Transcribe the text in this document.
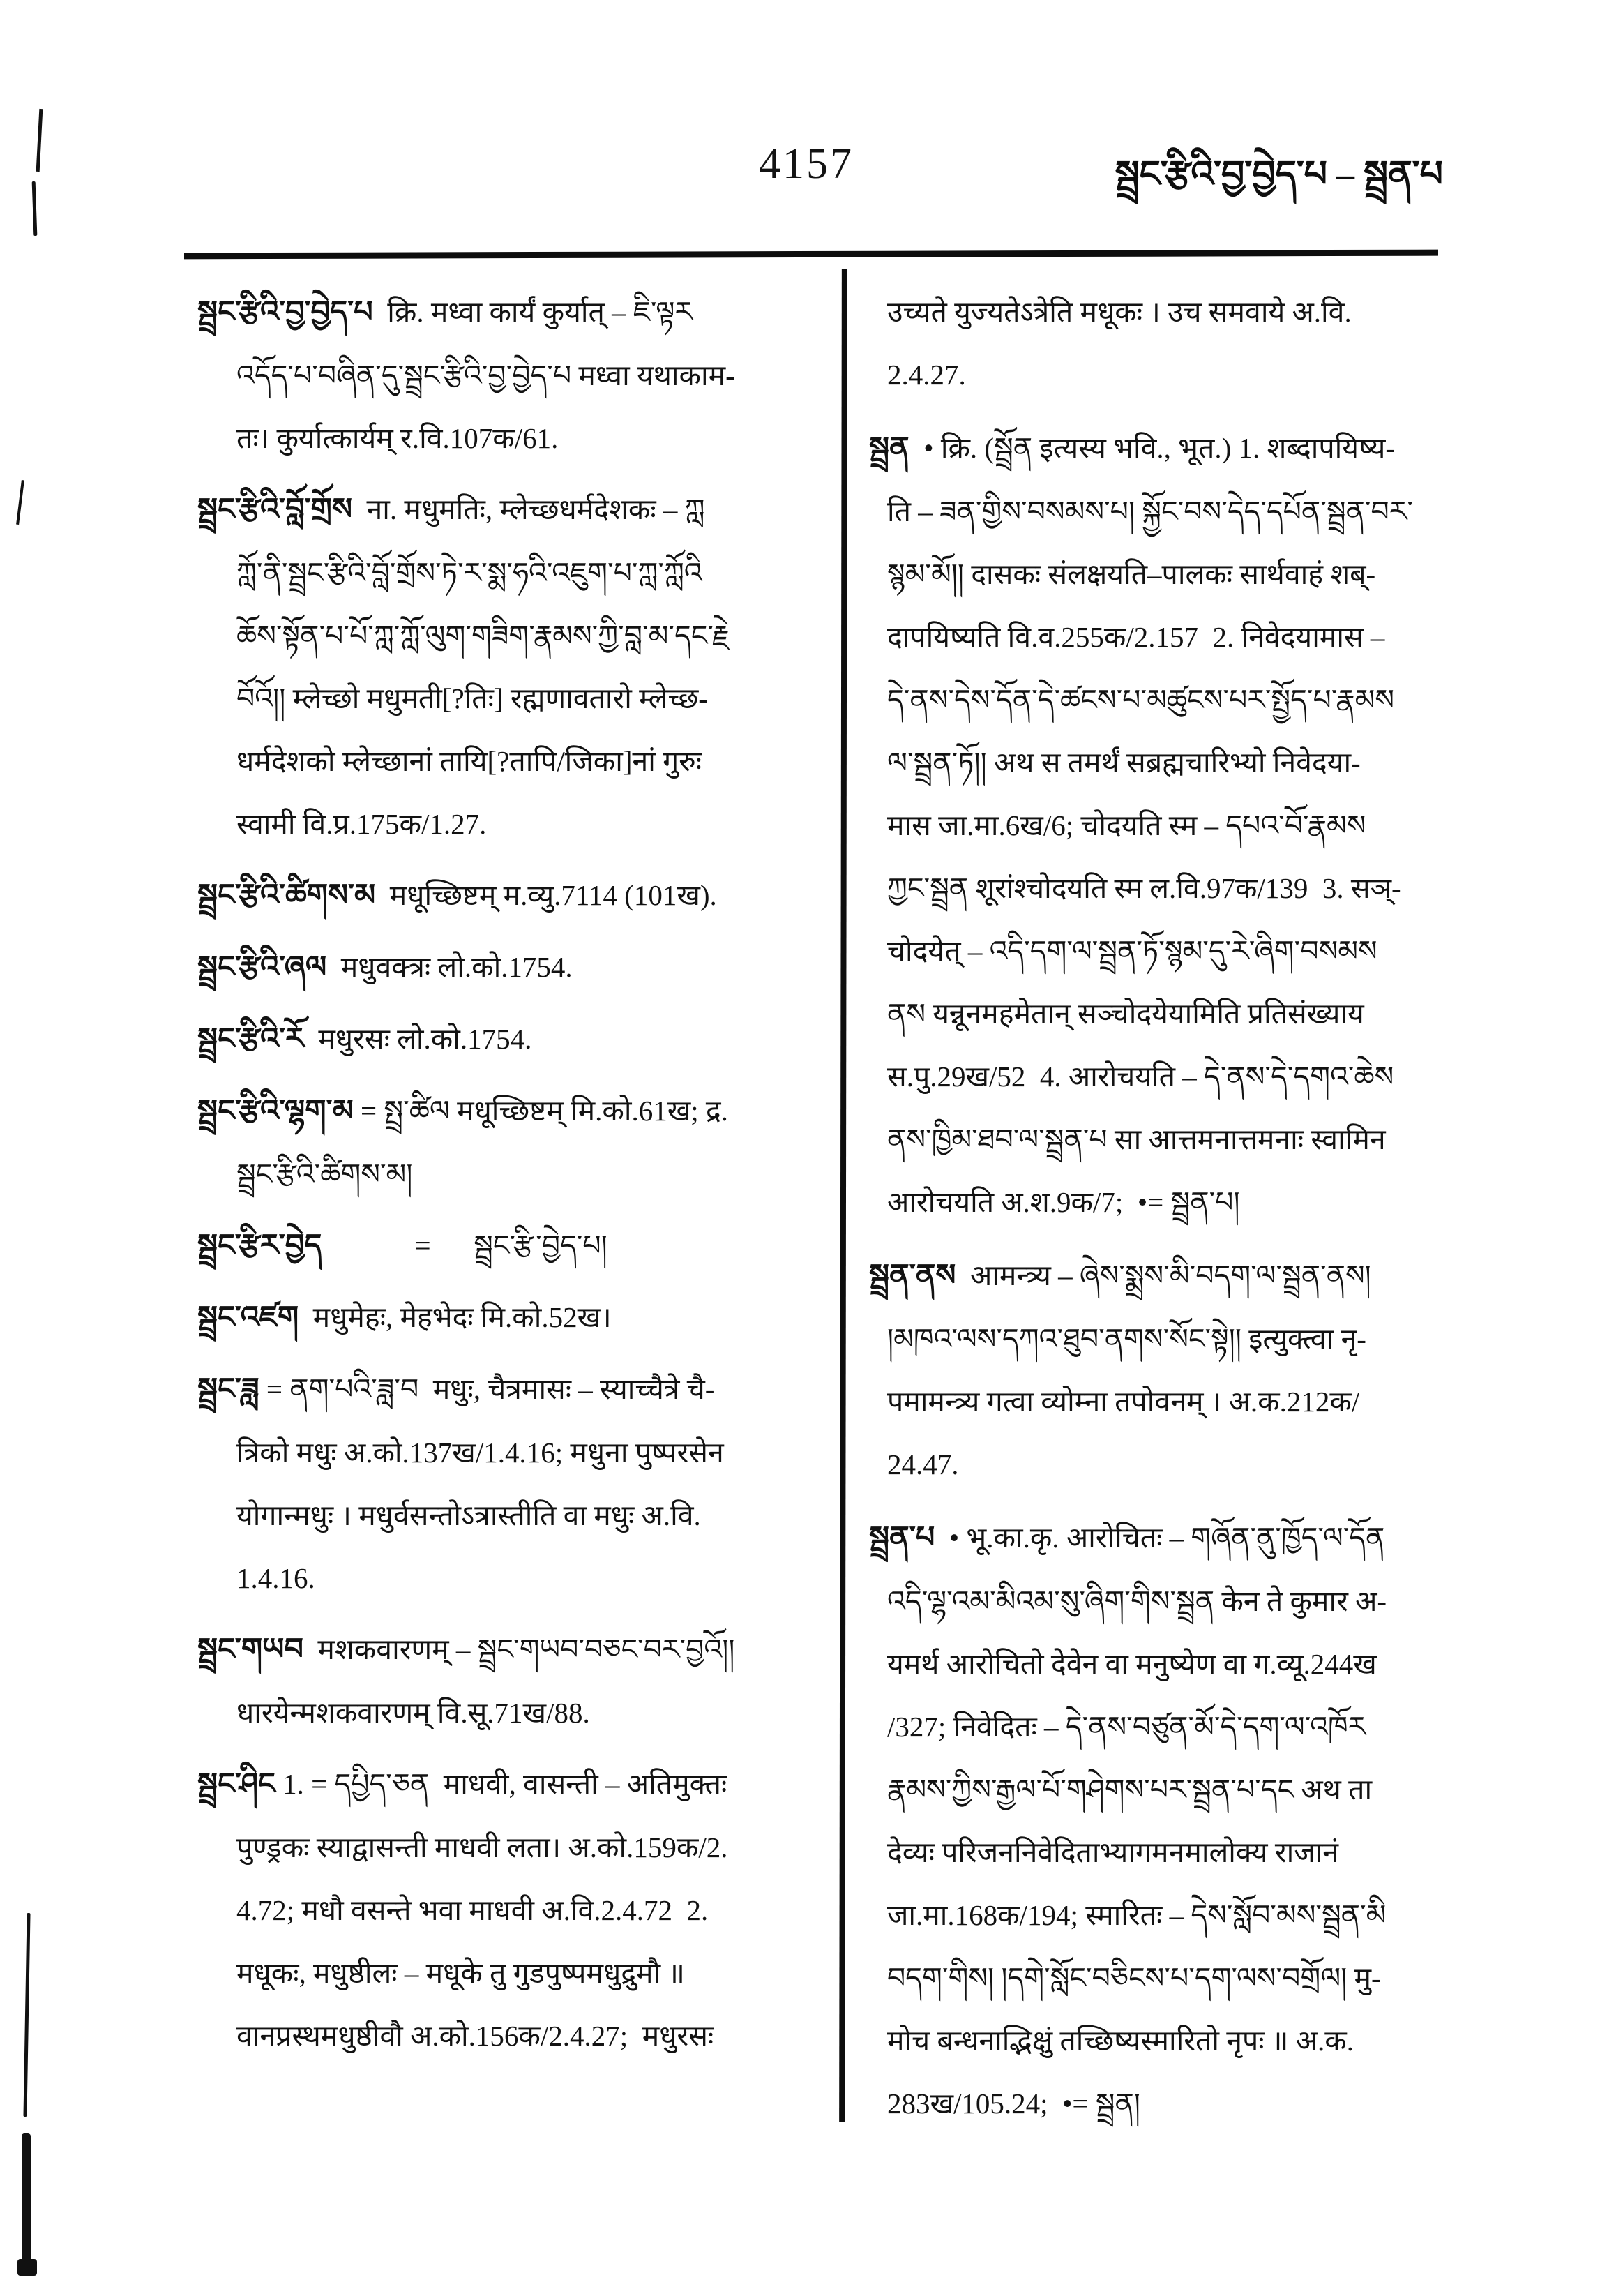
4157	སྦྲང་རྩིའི་བྱ་བྱེད་པ – སྦྲན་པ
སྦྲང་རྩིའི་བྱ་བྱེད་པ  क्रि. मध्वा कार्यं कुर्यात् – ཇི་ལྟར
འདོད་པ་བཞིན་དུ་སྦྲང་རྩིའི་བྱ་བྱེད་པ मध्वा यथाकाम-
तः। कुर्यात्कार्यम् र.वि.107क/61.
སྦྲང་རྩིའི་བློ་གྲོས  ना. मधुमतिः, म्लेच्छधर्मदेशकः – ཀླ
ཀློ་ནི་སྦྲང་རྩིའི་བློ་གྲོས་ཏེ་ར་སྨ་ཧའི་འཇུག་པ་ཀླ་ཀློའི
ཆོས་སྟོན་པ་པོ་ཀླ་ཀློ་ལུག་གཟིག་རྣམས་ཀྱི་བླ་མ་དང་རྗེ
བོའོ།། म्लेच्छो मधुमती[?तिः] रह्मणावतारो म्लेच्छ-
धर्मदेशको म्लेच्छानां तायि[?तापि/जिका]नां गुरुः
स्वामी वि.प्र.175क/1.27.
སྦྲང་རྩིའི་ཚིགས་མ  मधूच्छिष्टम् म.व्यु.7114 (101ख).
སྦྲང་རྩིའི་ཞལ  मधुवक्त्रः लो.को.1754.
སྦྲང་རྩིའི་རོ  मधुरसः लो.को.1754.
སྦྲང་རྩིའི་ལྷག་མ = སྤྲ་ཚིལ मधूच्छिष्टम् मि.को.61ख; द्र.
སྦྲང་རྩིའི་ཚིགས་མ།
སྦྲང་རྩིར་བྱེད             =      སྦྲང་རྩི་བྱེད་པ།
སྦྲང་འཛག  मधुमेहः, मेहभेदः मि.को.52ख।
སྦྲང་ཟླ = ནག་པའི་ཟླ་བ  मधुः, चैत्रमासः – स्याच्चैत्रे चै-
त्रिको मधुः अ.को.137ख/1.4.16; मधुना पुष्परसेन
योगान्मधुः । मधुर्वसन्तोऽत्रास्तीति वा मधुः अ.वि.
1.4.16.
སྦྲང་གཡབ  मशकवारणम् – སྦྲང་གཡབ་བཅང་བར་བྱའོ།།
धारयेन्मशकवारणम् वि.सू.71ख/88.
སྦྲང་ཤིང 1. = དཔྱིད་ཅན  माधवी, वासन्ती – अतिमुक्तः
पुण्ड्रकः स्याद्वासन्ती माधवी लता। अ.को.159क/2.
4.72; मधौ वसन्ते भवा माधवी अ.वि.2.4.72  2.
मधूकः, मधुष्ठीलः – मधूके तु गुडपुष्पमधुद्रुमौ ॥
वानप्रस्थमधुष्ठीवौ अ.को.156क/2.4.27;  मधुरसः
उच्यते युज्यतेऽत्रेति मधूकः । उच समवाये अ.वि.
2.4.27.
སྦྲན  • क्रि. (སྦྲོན इत्यस्य भवि., भूत.) 1. शब्दापयिष्य-
ति – ཟན་གྱིས་བསམས་པ། སྐྱོང་བས་དེད་དཔོན་སྦྲན་བར་
སྙམ་མོ།། दासकः संलक्षयति–पालकः सार्थवाहं शब्-
दापयिष्यति वि.व.255क/2.157  2. निवेदयामास –
དེ་ནས་དེས་དོན་དེ་ཚངས་པ་མཚུངས་པར་སྤྱོད་པ་རྣམས
ལ་སྦྲན་ཏོ།། अथ स तमर्थं सब्रह्मचारिभ्यो निवेदया-
मास जा.मा.6ख/6; चोदयति स्म – དཔའ་བོ་རྣམས
ཀྱང་སྦྲན शूरांश्चोदयति स्म ल.वि.97क/139  3. सञ्-
चोदयेत् – འདི་དག་ལ་སྦྲན་ཏོ་སྙམ་དུ་རེ་ཞིག་བསམས
ནས यन्नूनमहमेतान् सञ्चोदयेयामिति प्रतिसंख्याय
स.पु.29ख/52  4. आरोचयति – དེ་ནས་དེ་དགའ་ཆེས
ནས་ཁྱིམ་ཐབ་ལ་སྦྲན་པ सा आत्तमनात्तमनाः स्वामिन
आरोचयति अ.श.9क/7;  •= སྦྲན་པ།
སྦྲན་ནས  आमन्त्र्य – ཞེས་སྨྲས་མི་བདག་ལ་སྦྲན་ནས།
།མཁའ་ལས་དཀའ་ཐུབ་ནགས་སོང་སྟེ།། इत्युक्त्वा नृ-
पमामन्त्र्य गत्वा व्योम्ना तपोवनम् । अ.क.212क/
24.47.
སྦྲན་པ  • भू.का.कृ. आरोचितः – གཞོན་ནུ་ཁྱོད་ལ་དོན
འདི་ལྷ་འམ་མིའམ་སུ་ཞིག་གིས་སྦྲན केन ते कुमार अ-
यमर्थ आरोचितो देवेन वा मनुष्येण वा ग.व्यू.244ख
/327; निवेदितः – དེ་ནས་བཙུན་མོ་དེ་དག་ལ་འཁོར
རྣམས་ཀྱིས་རྒྱལ་པོ་གཤེགས་པར་སྦྲན་པ་དང अथ ता
देव्यः परिजननिवेदिताभ्यागमनमालोक्य राजानं
जा.मा.168क/194; स्मारितः – དེས་སློབ་མས་སྦྲན་མི
བདག་གིས། །དགེ་སློང་བཅིངས་པ་དག་ལས་བགྲོལ། मु-
मोच बन्धनाद्भिक्षुं तच्छिष्यस्मारितो नृपः ॥ अ.क.
283ख/105.24;  •= སྦྲན།
